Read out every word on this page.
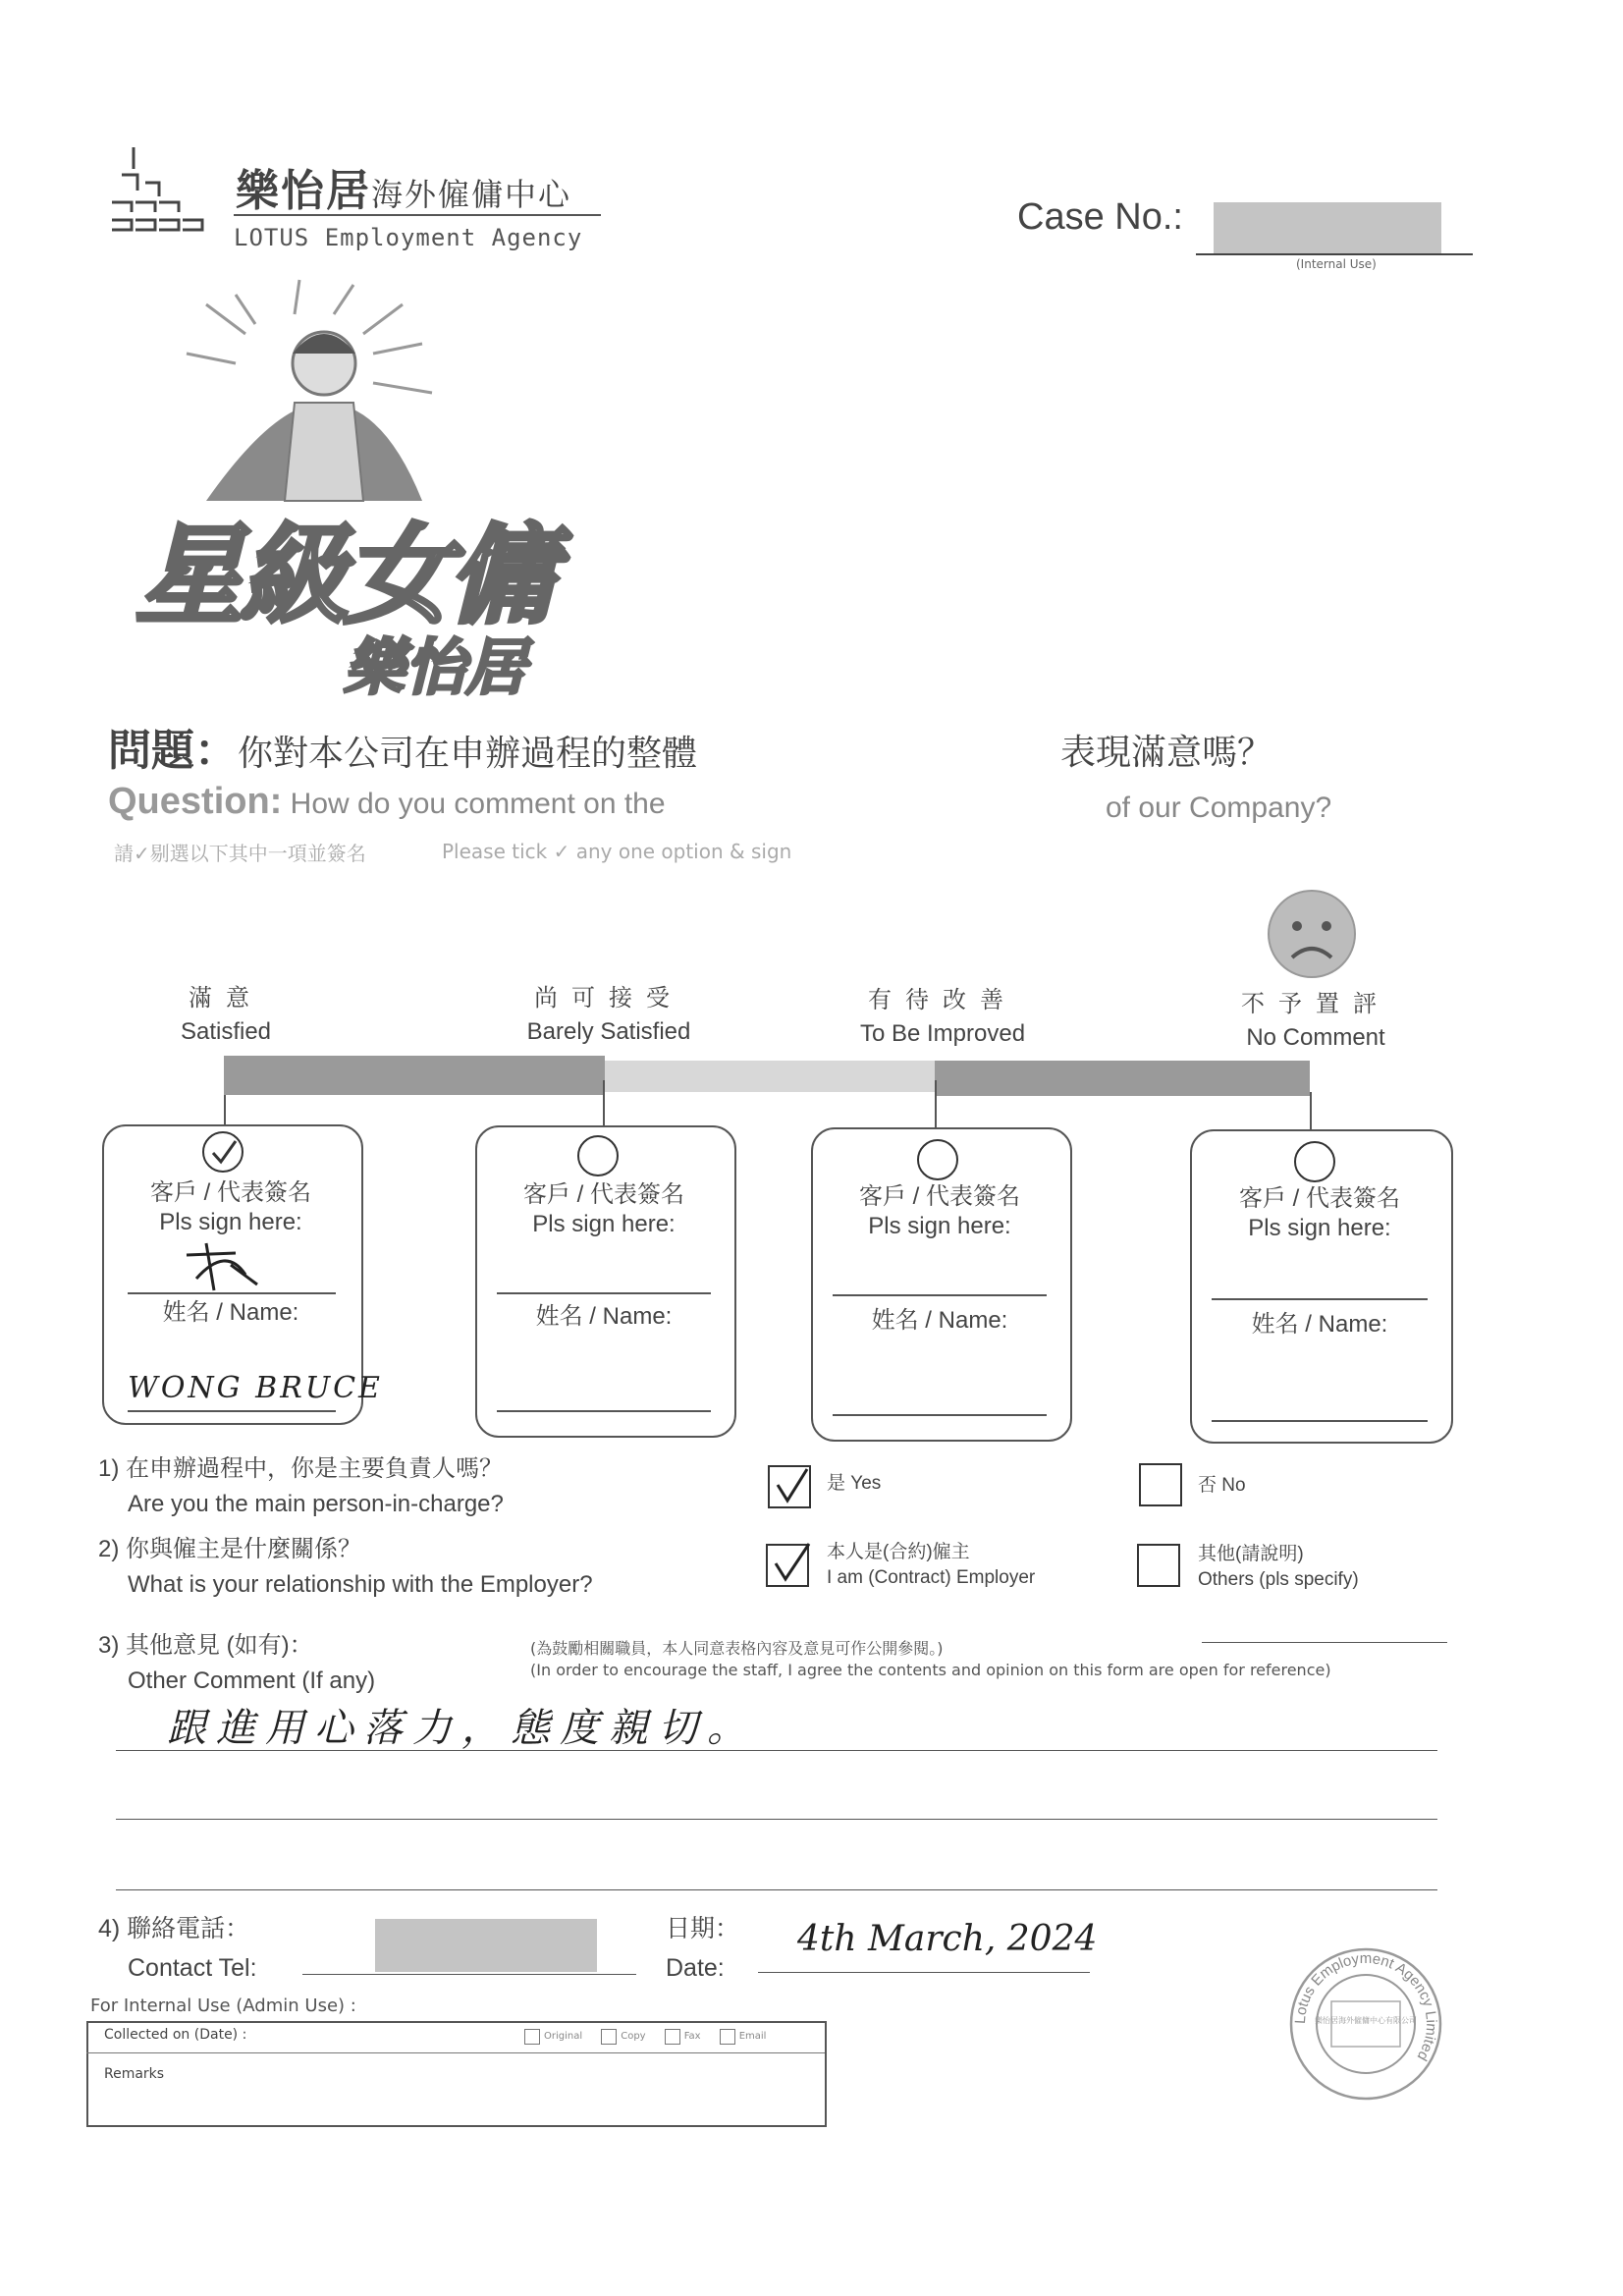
樂怡居海外僱傭中心
LOTUS Employment Agency	Case No.:
(Internal Use)
星級女傭
樂怡居
問題：你對本公司在申辦過程的整體	表現滿意嗎？
Question: How do you comment on the	of our Company?
請✓剔選以下其中一項並簽名	Please tick ✓ any one option & sign
滿意
Satisfied
尚可接受
Barely Satisfied
有待改善
To Be Improved
不予置評
No Comment
客戶 / 代表簽名
Pls sign here:
姓名 / Name:
WONG BRUCE
客戶 / 代表簽名
Pls sign here:
姓名 / Name:
客戶 / 代表簽名
Pls sign here:
姓名 / Name:
客戶 / 代表簽名
Pls sign here:
姓名 / Name:
1) 在申辦過程中，你是主要負責人嗎？
Are you the main person-in-charge?
是 Yes	否 No
2) 你與僱主是什麼關係？
What is your relationship with the Employer?
本人是(合約)僱主
I am (Contract) Employer
其他(請說明)
Others (pls specify)
3) 其他意見 (如有)：
Other Comment (If any)
(為鼓勵相關職員，本人同意表格內容及意見可作公開參閱。)
(In order to encourage the staff, I agree the contents and opinion on this form are open for reference)
跟進用心落力，態度親切。
4) 聯絡電話：
Contact Tel:
日期：
Date:
4th March, 2024
Lotus Employment Agency Limited
樂怡居海外僱傭中心有限公司
For Internal Use (Admin Use) :
Collected on (Date) :	Original	Copy	Fax	Email
Remarks
